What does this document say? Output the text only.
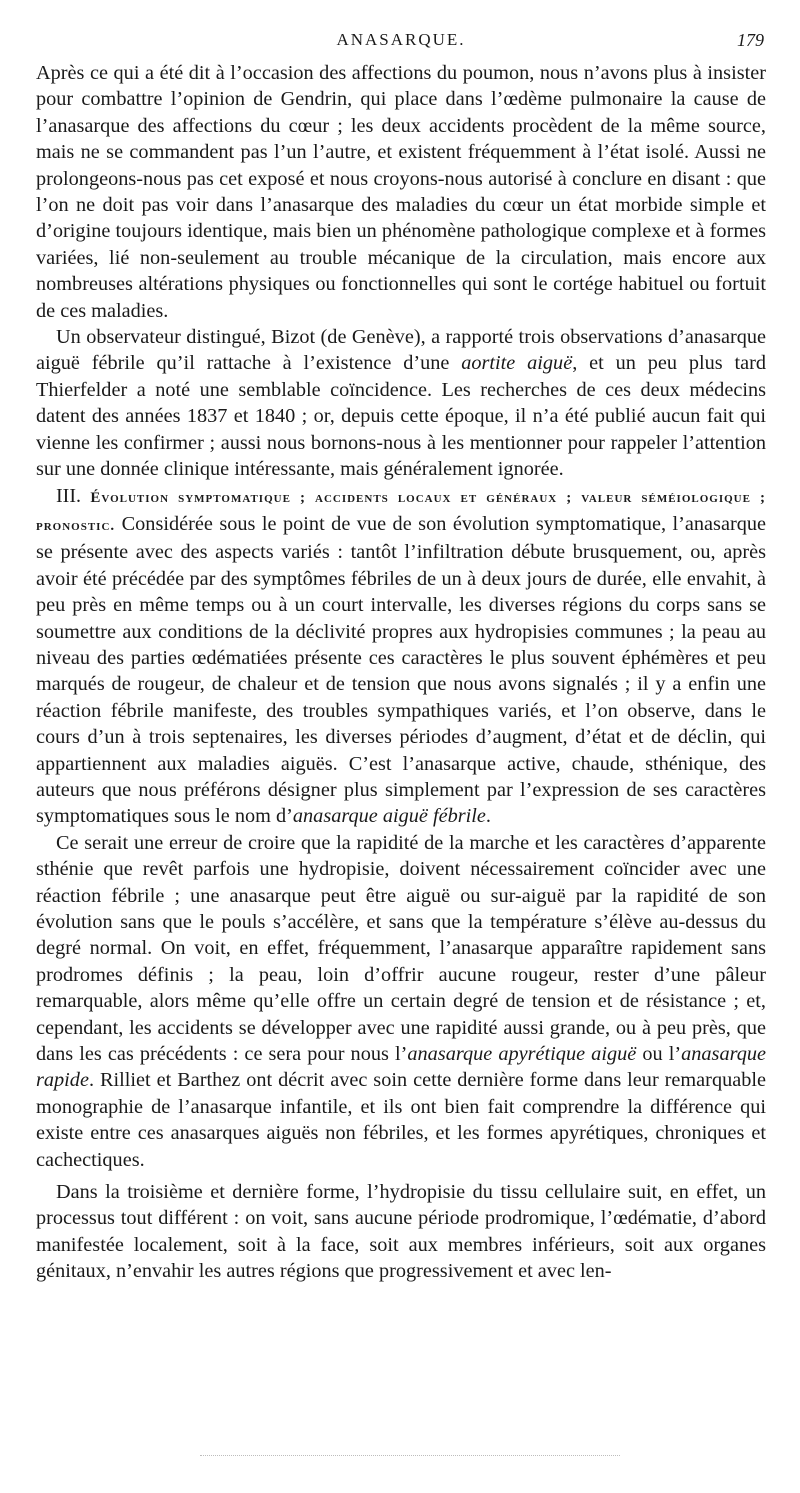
ANASARQUE.	179

Après ce qui a été dit à l’occasion des affections du poumon, nous n’avons plus à insister pour combattre l’opinion de Gendrin, qui place dans l’œdème pulmonaire la cause de l’anasarque des affections du cœur ; les deux accidents procèdent de la même source, mais ne se commandent pas l’un l’autre, et existent fréquemment à l’état isolé. Aussi ne prolongeons-nous pas cet exposé et nous croyons-nous autorisé à conclure en disant : que l’on ne doit pas voir dans l’anasarque des maladies du cœur un état morbide simple et d’origine toujours identique, mais bien un phénomène pathologique complexe et à formes variées, lié non-seulement au trouble mécanique de la circulation, mais encore aux nombreuses altérations physiques ou fonctionnelles qui sont le cortége habituel ou fortuit de ces maladies.

Un observateur distingué, Bizot (de Genève), a rapporté trois observations d’anasarque aiguë fébrile qu’il rattache à l’existence d’une aortite aiguë, et un peu plus tard Thierfelder a noté une semblable coïncidence. Les recherches de ces deux médecins datent des années 1837 et 1840 ; or, depuis cette époque, il n’a été publié aucun fait qui vienne les confirmer ; aussi nous bornons-nous à les mentionner pour rappeler l’attention sur une donnée clinique intéressante, mais généralement ignorée.

III. Évolution symptomatique ; accidents locaux et généraux ; valeur séméiologique ; pronostic. Considérée sous le point de vue de son évolution symptomatique, l’anasarque se présente avec des aspects variés : tantôt l’infiltration débute brusquement, ou, après avoir été précédée par des symptômes fébriles de un à deux jours de durée, elle envahit, à peu près en même temps ou à un court intervalle, les diverses régions du corps sans se soumettre aux conditions de la déclivité propres aux hydropisies communes ; la peau au niveau des parties œdématiées présente ces caractères le plus souvent éphémères et peu marqués de rougeur, de chaleur et de tension que nous avons signalés ; il y a enfin une réaction fébrile manifeste, des troubles sympathiques variés, et l’on observe, dans le cours d’un à trois septenaires, les diverses périodes d’augment, d’état et de déclin, qui appartiennent aux maladies aiguës. C’est l’anasarque active, chaude, sthénique, des auteurs que nous préférons désigner plus simplement par l’expression de ses caractères symptomatiques sous le nom d’anasarque aiguë fébrile.

Ce serait une erreur de croire que la rapidité de la marche et les caractères d’apparente sthénie que revêt parfois une hydropisie, doivent nécessairement coïncider avec une réaction fébrile ; une anasarque peut être aiguë ou sur-aiguë par la rapidité de son évolution sans que le pouls s’accélère, et sans que la température s’élève au-dessus du degré normal. On voit, en effet, fréquemment, l’anasarque apparaître rapidement sans prodromes définis ; la peau, loin d’offrir aucune rougeur, rester d’une pâleur remarquable, alors même qu’elle offre un certain degré de tension et de résistance ; et, cependant, les accidents se développer avec une rapidité aussi grande, ou à peu près, que dans les cas précédents : ce sera pour nous l’anasarque apyrétique aiguë ou l’anasarque rapide. Rilliet et Barthez ont décrit avec soin cette dernière forme dans leur remarquable monographie de l’anasarque infantile, et ils ont bien fait comprendre la différence qui existe entre ces anasarques aiguës non fébriles, et les formes apyrétiques, chroniques et cachectiques.

Dans la troisième et dernière forme, l’hydropisie du tissu cellulaire suit, en effet, un processus tout différent : on voit, sans aucune période prodromique, l’œdématie, d’abord manifestée localement, soit à la face, soit aux membres inférieurs, soit aux organes génitaux, n’envahir les autres régions que progressivement et avec len-
